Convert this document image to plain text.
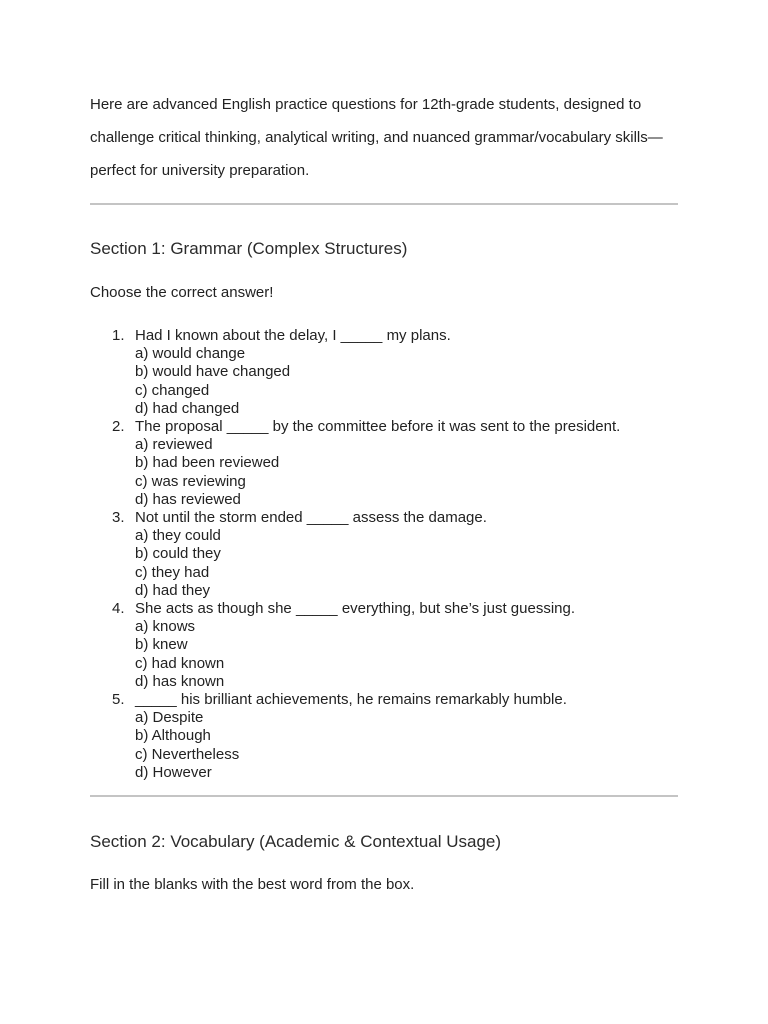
Here are advanced English practice questions for 12th-grade students, designed to challenge critical thinking, analytical writing, and nuanced grammar/vocabulary skills—perfect for university preparation.

Section 1: Grammar (Complex Structures)

Choose the correct answer!

1. Had I known about the delay, I _____ my plans.
a) would change
b) would have changed
c) changed
d) had changed
2. The proposal _____ by the committee before it was sent to the president.
a) reviewed
b) had been reviewed
c) was reviewing
d) has reviewed
3. Not until the storm ended _____ assess the damage.
a) they could
b) could they
c) they had
d) had they
4. She acts as though she _____ everything, but she’s just guessing.
a) knows
b) knew
c) had known
d) has known
5. _____ his brilliant achievements, he remains remarkably humble.
a) Despite
b) Although
c) Nevertheless
d) However
Section 2: Vocabulary (Academic & Contextual Usage)

Fill in the blanks with the best word from the box.
